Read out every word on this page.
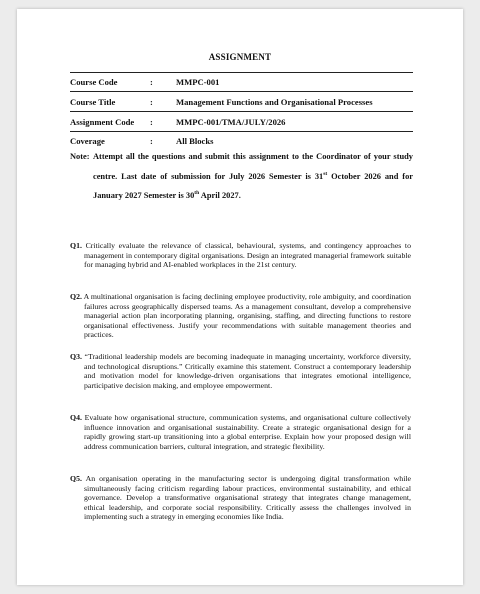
ASSIGNMENT
Course Code	:	MMPC-001
Course Title	:	Management Functions and Organisational Processes
Assignment Code :	MMPC-001/TMA/JULY/2026
Coverage	:	All Blocks
Note: Attempt all the questions and submit this assignment to the Coordinator of your study centre. Last date of submission for July 2026 Semester is 31st October 2026 and for January 2027 Semester is 30th April 2027.
Q1. Critically evaluate the relevance of classical, behavioural, systems, and contingency approaches to management in contemporary digital organisations. Design an integrated managerial framework suitable for managing hybrid and AI-enabled workplaces in the 21st century.
Q2. A multinational organisation is facing declining employee productivity, role ambiguity, and coordination failures across geographically dispersed teams. As a management consultant, develop a comprehensive managerial action plan incorporating planning, organising, staffing, and directing functions to restore organisational effectiveness. Justify your recommendations with suitable management theories and practices.
Q3. “Traditional leadership models are becoming inadequate in managing uncertainty, workforce diversity, and technological disruptions.” Critically examine this statement. Construct a contemporary leadership and motivation model for knowledge-driven organisations that integrates emotional intelligence, participative decision making, and employee empowerment.
Q4. Evaluate how organisational structure, communication systems, and organisational culture collectively influence innovation and organisational sustainability. Create a strategic organisational design for a rapidly growing start-up transitioning into a global enterprise. Explain how your proposed design will address communication barriers, cultural integration, and strategic flexibility.
Q5. An organisation operating in the manufacturing sector is undergoing digital transformation while simultaneously facing criticism regarding labour practices, environmental sustainability, and ethical governance. Develop a transformative organisational strategy that integrates change management, ethical leadership, and corporate social responsibility. Critically assess the challenges involved in implementing such a strategy in emerging economies like India.
